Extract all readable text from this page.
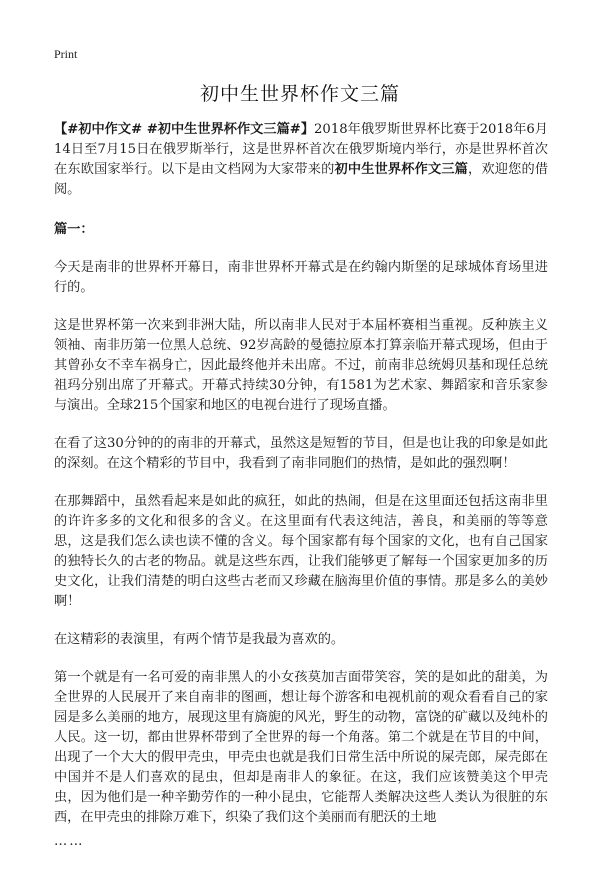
Print
初中生世界杯作文三篇

【#初中作文# #初中生世界杯作文三篇#】2018年俄罗斯世界杯比赛于2018年6月14日至7月15日在俄罗斯举行，这是世界杯首次在俄罗斯境内举行，亦是世界杯首次在东欧国家举行。以下是由文档网为大家带来的初中生世界杯作文三篇，欢迎您的借阅。

篇一：

今天是南非的世界杯开幕日，南非世界杯开幕式是在约翰内斯堡的足球城体育场里进行的。

这是世界杯第一次来到非洲大陆，所以南非人民对于本届杯赛相当重视。反种族主义领袖、南非历第一位黑人总统、92岁高龄的曼德拉原本打算亲临开幕式现场，但由于其曾孙女不幸车祸身亡，因此最终他并未出席。不过，前南非总统姆贝基和现任总统祖玛分别出席了开幕式。开幕式持续30分钟，有1581为艺术家、舞蹈家和音乐家参与演出。全球215个国家和地区的电视台进行了现场直播。

在看了这30分钟的的南非的开幕式，虽然这是短暂的节目，但是也让我的印象是如此的深刻。在这个精彩的节目中，我看到了南非同胞们的热情，是如此的强烈啊！

在那舞蹈中，虽然看起来是如此的疯狂，如此的热闹，但是在这里面还包括这南非里的许许多多的文化和很多的含义。在这里面有代表这纯洁，善良，和美丽的等等意思，这是我们怎么读也读不懂的含义。每个国家都有每个国家的文化，也有自己国家的独特长久的古老的物品。就是这些东西，让我们能够更了解每一个国家更加多的历史文化，让我们清楚的明白这些古老而又珍藏在脑海里价值的事情。那是多么的美妙啊！

在这精彩的表演里，有两个情节是我最为喜欢的。

第一个就是有一名可爱的南非黑人的小女孩莫加吉面带笑容，笑的是如此的甜美，为全世界的人民展开了来自南非的图画，想让每个游客和电视机前的观众看看自己的家园是多么美丽的地方，展现这里有旖旎的风光，野生的动物，富饶的矿藏以及纯朴的人民。这一切，都由世界杯带到了全世界的每一个角落。第二个就是在节目的中间，出现了一个大大的假甲壳虫，甲壳虫也就是我们日常生活中所说的屎壳郎，屎壳郎在中国并不是人们喜欢的昆虫，但却是南非人的象征。在这，我们应该赞美这个甲壳虫，因为他们是一种辛勤劳作的一种小昆虫，它能帮人类解决这些人类认为很脏的东西，在甲壳虫的排除万难下，织染了我们这个美丽而有肥沃的土地

……
